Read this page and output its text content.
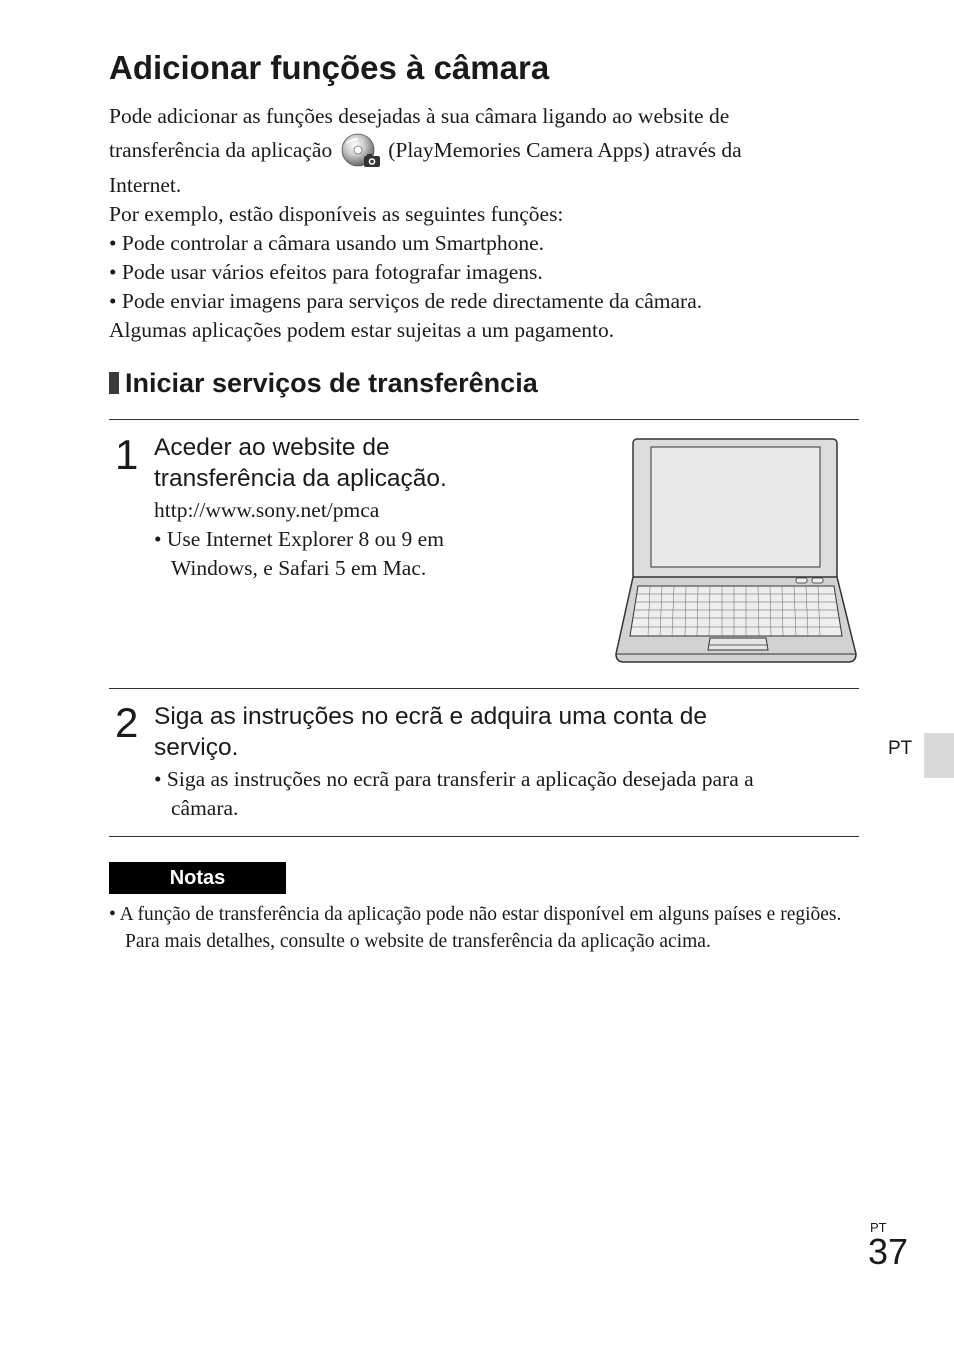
Adicionar funções à câmara

Pode adicionar as funções desejadas à sua câmara ligando ao website de

transferência da aplicação	(PlayMemories Camera Apps) através da

Internet.

Por exemplo, estão disponíveis as seguintes funções:

• Pode controlar a câmara usando um Smartphone.

• Pode usar vários efeitos para fotografar imagens.

• Pode enviar imagens para serviços de rede directamente da câmara.

Algumas aplicações podem estar sujeitas a um pagamento.

Iniciar serviços de transferência
1 Aceder ao website de
transferência da aplicação.
http://www.sony.net/pmca
• Use Internet Explorer 8 ou 9 em
Windows, e Safari 5 em Mac.
2 Siga as instruções no ecrã e adquira uma conta de
serviço.
• Siga as instruções no ecrã para transferir a aplicação desejada para a
câmara.
Notas
• A função de transferência da aplicação pode não estar disponível em alguns países e regiões. Para mais detalhes, consulte o website de transferência da aplicação acima.
PT
PT
37
